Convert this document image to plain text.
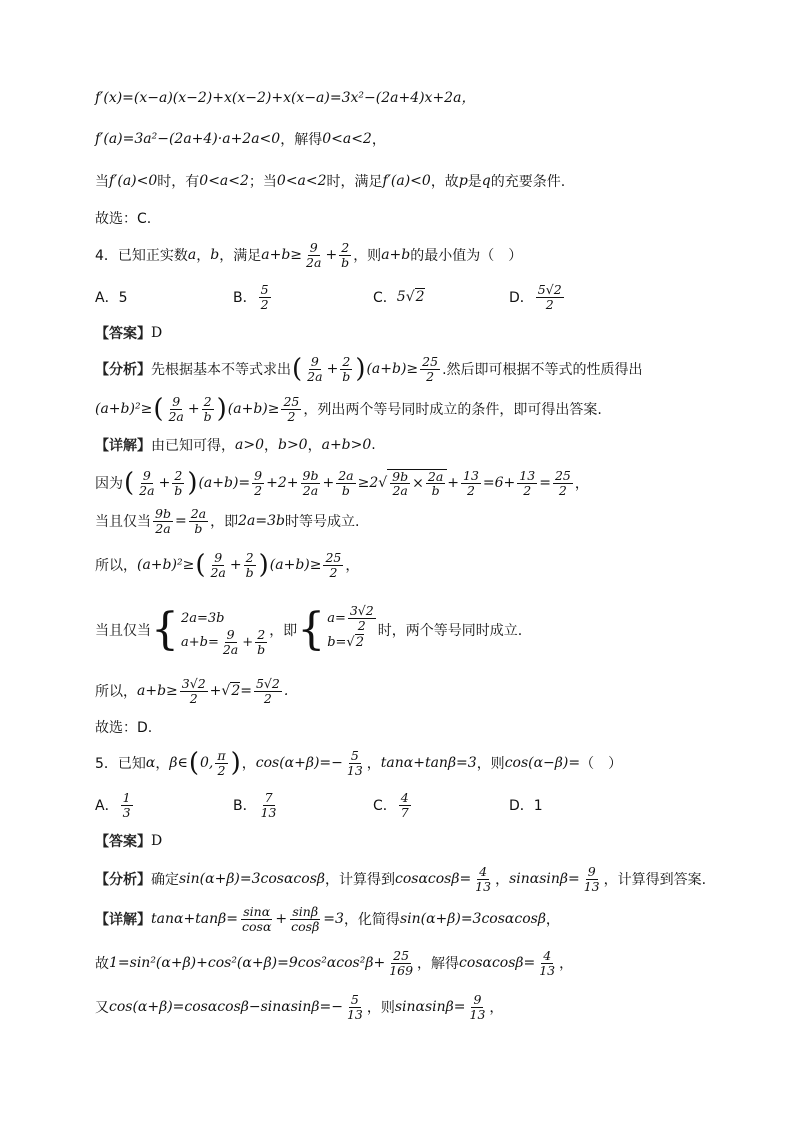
f′(x)=(x−a)(x−2)+x(x−2)+x(x−a)=3x²−(2a+4)x+2a，
f′(a)=3a²−(2a+4)·a+2a<0 ，解得 0<a<2 ，
当 f′(a)<0 时，有 0<a<2 ；当 0<a<2 时，满足 f′(a)<0 ，故 p 是 q 的充要条件.
故选：C.
4．已知正实数 a ， b ，满足 $a+b\ge \frac{9}{2a} + \frac{2}{b}$ ，则 a+b 的最小值为（　）
A．5	B． $\frac{5}{2}$	C． 5√2	D． $\frac{5√2}{2}$
【答案】 D
【分析】 先根据基本不等式求出 ( $\frac{9}{2a} + \frac{2}{b}$ ) $(a+b)\ge \frac{25}{2}$ .然后即可根据不等式的性质得出
(a+b)²≥ ( $\frac{9}{2a} + \frac{2}{b}$ ) $(a+b)\ge \frac{25}{2}$ ，列出两个等号同时成立的条件，即可得出答案.
【详解】 由已知可得， a>0 ， b>0 ， a+b>0 .
因为 ( $\frac{9}{2a} + \frac{2}{b}$ ) $(a+b)= \frac{9}{2} +2+ \frac{9b}{2a} + \frac{2a}{b} \ge 2√ \frac{9b}{2a} \times \frac{2a}{b} + \frac{13}{2} =6+ \frac{13}{2} = \frac{25}{2}$ ，
当且仅当 $\frac{9b}{2a} = \frac{2a}{b}$ ，即 2a=3b 时等号成立.
所以， (a+b)²≥ ( $\frac{9}{2a} + \frac{2}{b}$ ) $(a+b)\ge \frac{25}{2}$ ，
当且仅当 { 2a=3b
$a+b= \frac{9}{2a} + \frac{2}{b}$ ，即 { $a= \frac{3√2}{2}$
b=√ 2
时，两个等号同时成立.
所以， $a+b\ge \frac{3√2}{2} +√2= \frac{5√2}{2}$ .
故选：D.
5．已知 α ， β∈ ( 0, $\frac{\pi}{2}$ ) ， $\cos(\alpha+\beta)=- \frac{5}{13}$ ， tanα+tanβ=3 ，则 cos(α−β)= （　）
A． $\frac{1}{3}$	B． $\frac{7}{13}$	C． $\frac{4}{7}$	D．1
【答案】 D
【分析】 确定 sin(α+β)=3cosαcosβ ，计算得到 $\cos\alpha\cos\beta= \frac{4}{13}$ ， $\sin\alpha\sin\beta= \frac{9}{13}$ ，计算得到答案.
【详解】 $\tan\alpha+\tan\beta= \frac{\sin\alpha}{\cos\alpha} + \frac{\sin\beta}{\cos\beta} =3$ ，化简得 sin(α+β)=3cosαcosβ ，
故 $1=\sin^2(\alpha+\beta)+\cos^2(\alpha+\beta)=9\cos^2\alpha\cos^2\beta+ \frac{25}{169}$ ，解得 $\cos\alpha\cos\beta= \frac{4}{13}$ ，
又 $\cos(\alpha+\beta)=\cos\alpha\cos\beta-\sin\alpha\sin\beta=- \frac{5}{13}$ ，则 $\sin\alpha\sin\beta= \frac{9}{13}$ ，
